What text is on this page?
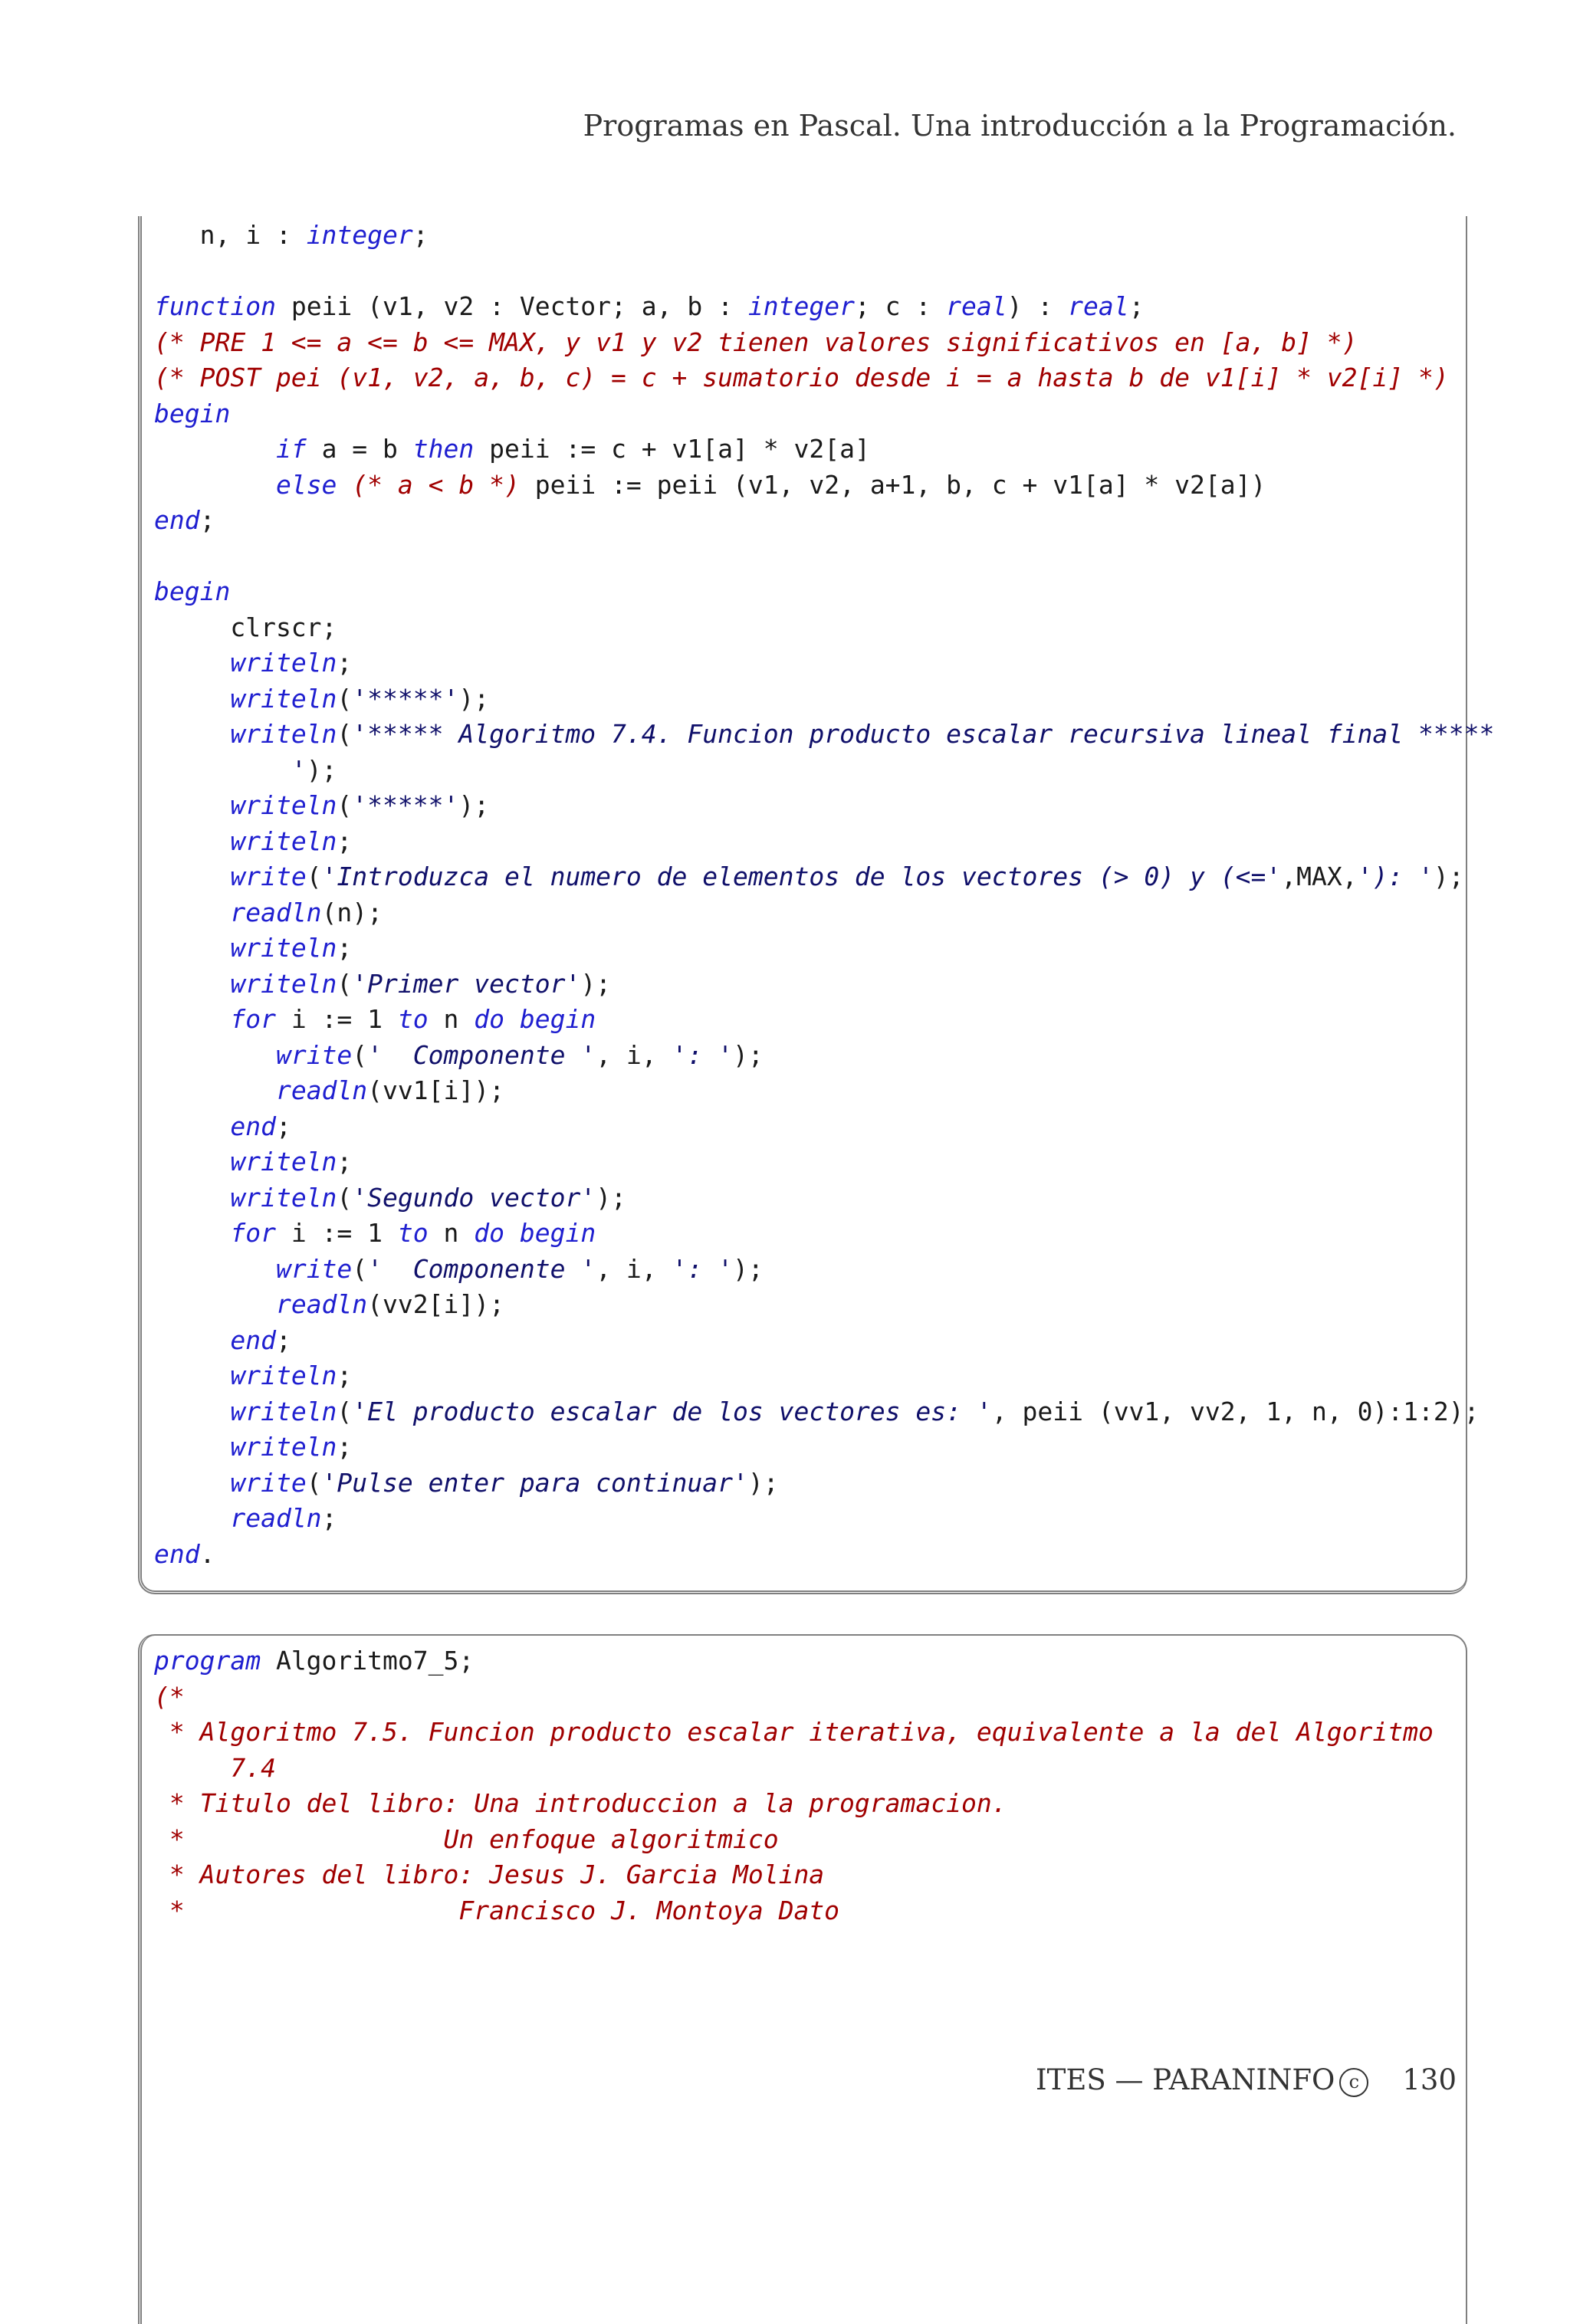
Programas en Pascal. Una introducción a la Programación.
n, i : integer;
function peii (v1, v2 : Vector; a, b : integer; c : real) : real;
(* PRE 1 <= a <= b <= MAX, y v1 y v2 tienen valores significativos en [a, b] *)
(* POST pei (v1, v2, a, b, c) = c + sumatorio desde i = a hasta b de v1[i] * v2[i] *)
begin
if a = b then peii := c + v1[a] * v2[a]
else (* a < b *) peii := peii (v1, v2, a+1, b, c + v1[a] * v2[a])
end;
begin
clrscr;
writeln;
writeln('*****');
writeln('***** Algoritmo 7.4. Funcion producto escalar recursiva lineal final *****
');
writeln('*****');
writeln;
write('Introduzca el numero de elementos de los vectores (> 0) y (<=',MAX,'): ');
readln(n);
writeln;
writeln('Primer vector');
for i := 1 to n do begin
write('  Componente ', i, ': ');
readln(vv1[i]);
end;
writeln;
writeln('Segundo vector');
for i := 1 to n do begin
write('  Componente ', i, ': ');
readln(vv2[i]);
end;
writeln;
writeln('El producto escalar de los vectores es: ', peii (vv1, vv2, 1, n, 0):1:2);
writeln;
write('Pulse enter para continuar');
readln;
end.
program Algoritmo7_5;
(*
* Algoritmo 7.5. Funcion producto escalar iterativa, equivalente a la del Algoritmo
7.4
* Titulo del libro: Una introduccion a la programacion.
*                 Un enfoque algoritmico
* Autores del libro: Jesus J. Garcia Molina
*                  Francisco J. Montoya Dato
ITES — PARANINFO c 130
